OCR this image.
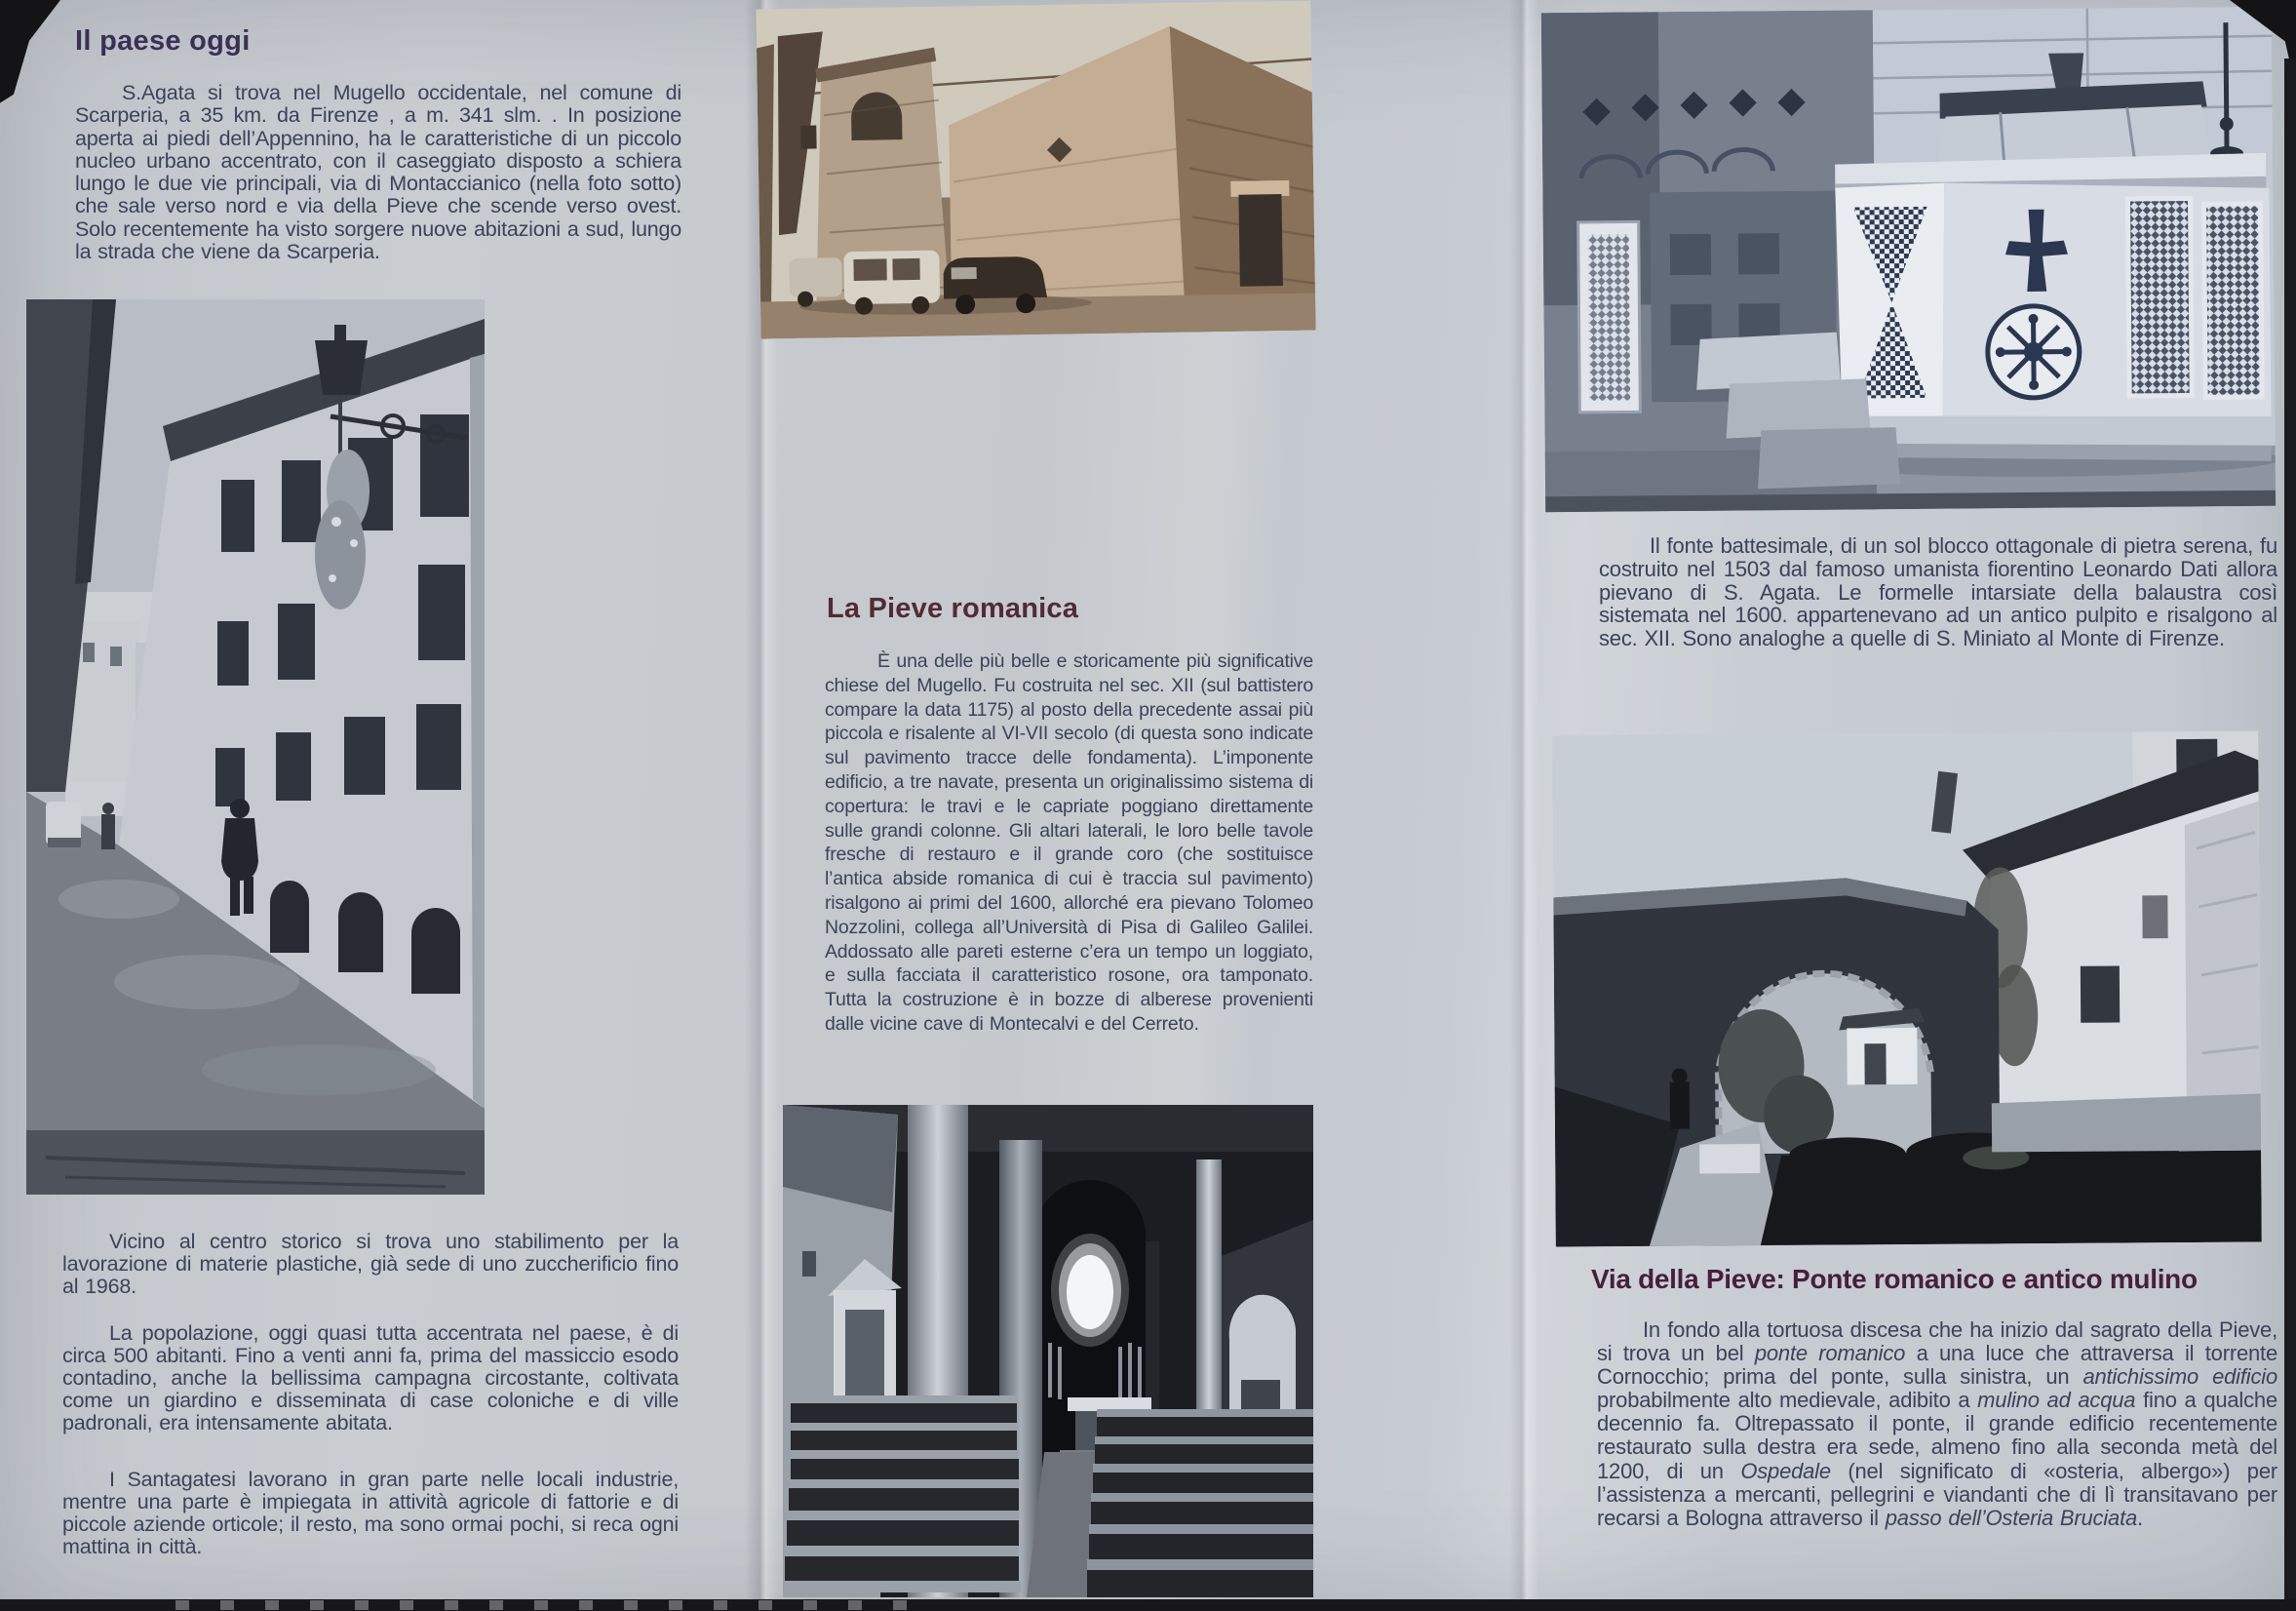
Il paese oggi
S.Agata si trova nel Mugello occidentale, nel comune di Scarperia, a 35 km. da Firenze , a m. 341 slm. . In posizione aperta ai piedi dell’Appennino, ha le caratteristiche di un piccolo nucleo urbano accentrato, con il caseggiato disposto a schiera lungo le due vie principali, via di Montaccianico (nella foto sotto) che sale verso nord e via della Pieve che scende verso ovest. Solo recentemente ha visto sorgere nuove abitazioni a sud, lungo la strada che viene da Scarperia.
Vicino al centro storico si trova uno stabilimento per la lavorazione di materie plastiche, già sede di uno zuccherificio fino al 1968.
La popolazione, oggi quasi tutta accentrata nel paese, è di circa 500 abitanti. Fino a venti anni fa, prima del massiccio esodo contadino, anche la bellissima campagna circostante, coltivata come un giardino e disseminata di case coloniche e di ville padronali, era intensamente abitata.
I Santagatesi lavorano in gran parte nelle locali industrie, mentre una parte è impiegata in attività agricole di fattorie e di piccole aziende orticole; il resto, ma sono ormai pochi, si reca ogni mattina in città.
La Pieve romanica
È una delle più belle e storicamente più significative chiese del Mugello. Fu costruita nel sec. XII (sul battistero compare la data 1175) al posto della precedente assai più piccola e risalente al VI-VII secolo (di questa sono indicate sul pavimento tracce delle fondamenta). L’imponente edificio, a tre navate, presenta un originalissimo sistema di copertura: le travi e le capriate poggiano direttamente sulle grandi colonne. Gli altari laterali, le loro belle tavole fresche di restauro e il grande coro (che sostituisce l’antica abside romanica di cui è traccia sul pavimento) risalgono ai primi del 1600, allorché era pievano Tolomeo Nozzolini, collega all’Università di Pisa di Galileo Galilei. Addossato alle pareti esterne c’era un tempo un loggiato, e sulla facciata il caratteristico rosone, ora tamponato. Tutta la costruzione è in bozze di alberese provenienti dalle vicine cave di Montecalvi e del Cerreto.
Il fonte battesimale, di un sol blocco ottagonale di pietra serena, fu costruito nel 1503 dal famoso umanista fiorentino Leonardo Dati allora pievano di S. Agata. Le formelle intarsiate della balaustra così sistemata nel 1600. appartenevano ad un antico pulpito e risalgono al sec. XII. Sono analoghe a quelle di S. Miniato al Monte di Firenze.
Via della Pieve: Ponte romanico e antico mulino
In fondo alla tortuosa discesa che ha inizio dal sagrato della Pieve, si trova un bel ponte romanico a una luce che attraversa il torrente Cornocchio; prima del ponte, sulla sinistra, un antichissimo edificio probabilmente alto medievale, adibito a mulino ad acqua fino a qualche decennio fa. Oltrepassato il ponte, il grande edificio recentemente restaurato sulla destra era sede, almeno fino alla seconda metà del 1200, di un Ospedale (nel significato di «osteria, albergo») per l’assistenza a mercanti, pellegrini e viandanti che di lì transitavano per recarsi a Bologna attraverso il passo dell’Osteria Bruciata.
